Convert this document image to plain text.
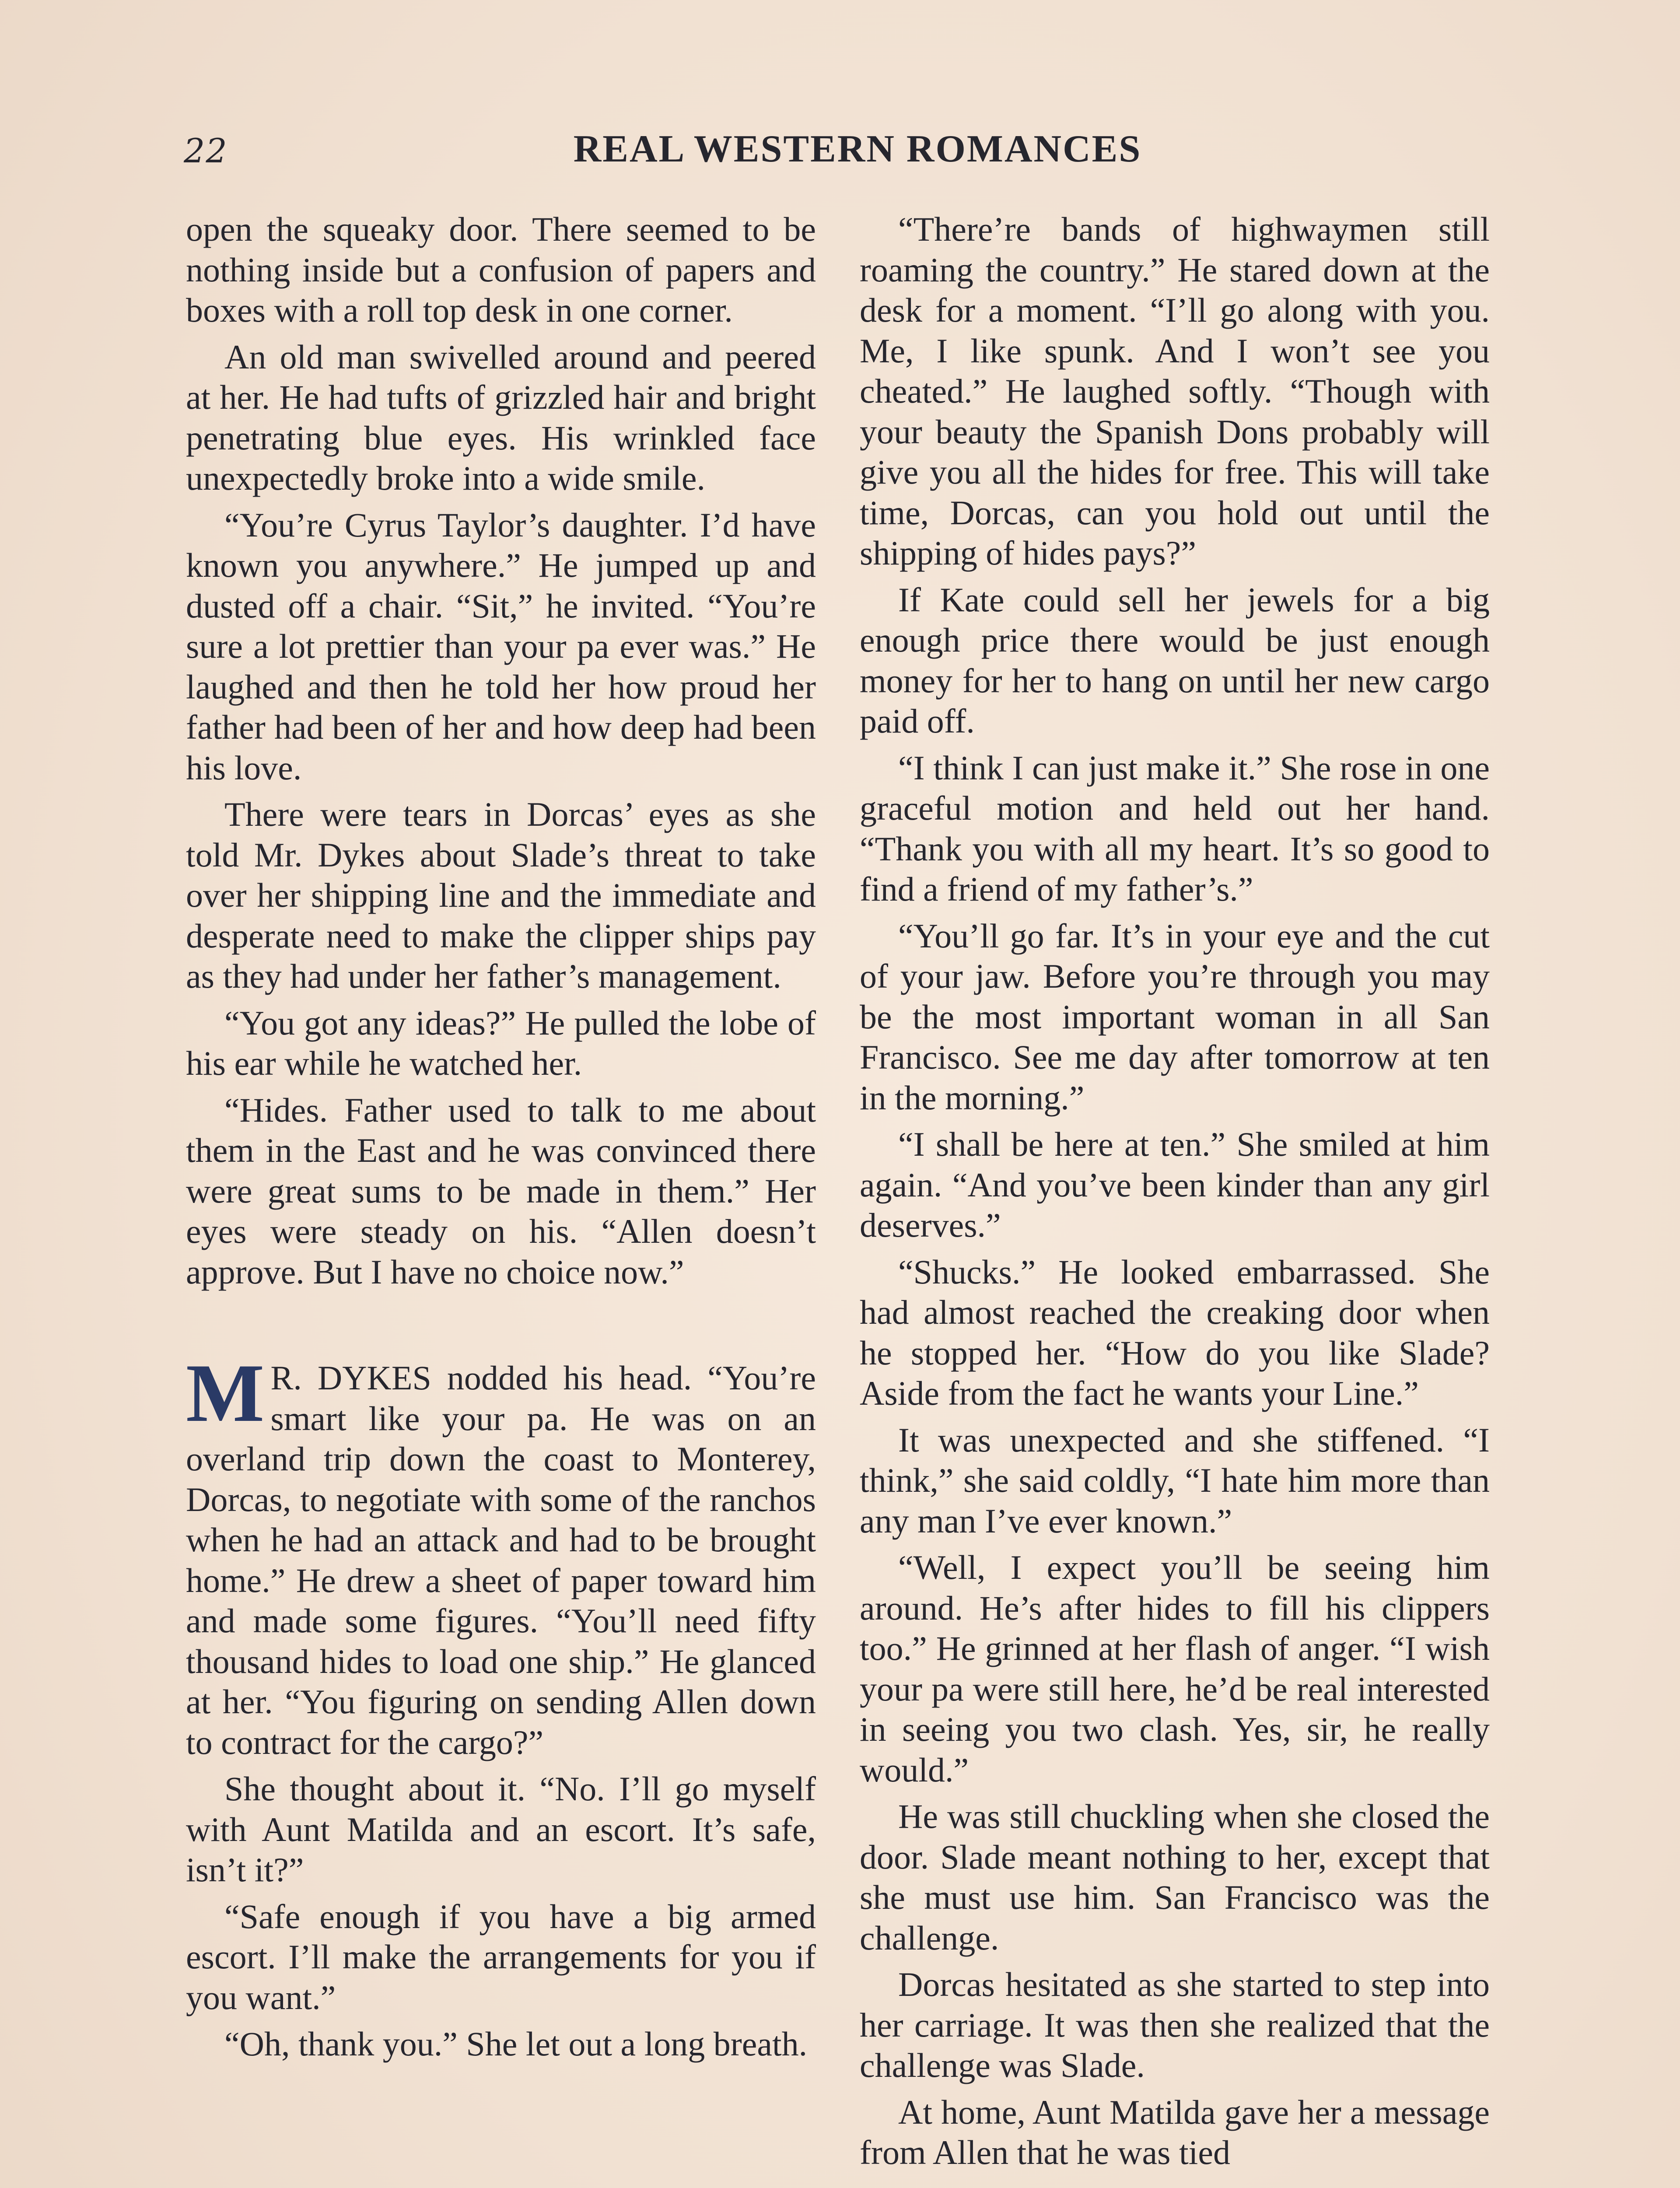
22	REAL WESTERN ROMANCES

open the squeaky door. There seemed to be nothing inside but a confusion of papers and boxes with a roll top desk in one corner.

An old man swivelled around and peered at her. He had tufts of grizzled hair and bright penetrating blue eyes. His wrinkled face unexpectedly broke into a wide smile.

“You’re Cyrus Taylor’s daughter. I’d have known you anywhere.” He jumped up and dusted off a chair. “Sit,” he invited. “You’re sure a lot prettier than your pa ever was.” He laughed and then he told her how proud her father had been of her and how deep had been his love.

There were tears in Dorcas’ eyes as she told Mr. Dykes about Slade’s threat to take over her shipping line and the immediate and desperate need to make the clipper ships pay as they had under her father’s management.

“You got any ideas?” He pulled the lobe of his ear while he watched her.

“Hides. Father used to talk to me about them in the East and he was convinced there were great sums to be made in them.” Her eyes were steady on his. “Allen doesn’t approve. But I have no choice now.”

M R. DYKES nodded his head. “You’re smart like your pa. He was on an overland trip down the coast to Monterey, Dorcas, to negotiate with some of the ranchos when he had an attack and had to be brought home.” He drew a sheet of paper toward him and made some figures. “You’ll need fifty thousand hides to load one ship.” He glanced at her. “You figuring on sending Allen down to contract for the cargo?”

She thought about it. “No. I’ll go myself with Aunt Matilda and an escort. It’s safe, isn’t it?”

“Safe enough if you have a big armed escort. I’ll make the arrangements for you if you want.”

“Oh, thank you.” She let out a long breath.

“There’re bands of highwaymen still roaming the country.” He stared down at the desk for a moment. “I’ll go along with you. Me, I like spunk. And I won’t see you cheated.” He laughed softly. “Though with your beauty the Spanish Dons probably will give you all the hides for free. This will take time, Dorcas, can you hold out until the shipping of hides pays?”

If Kate could sell her jewels for a big enough price there would be just enough money for her to hang on until her new cargo paid off.

“I think I can just make it.” She rose in one graceful motion and held out her hand. “Thank you with all my heart. It’s so good to find a friend of my father’s.”

“You’ll go far. It’s in your eye and the cut of your jaw. Before you’re through you may be the most important woman in all San Francisco. See me day after tomorrow at ten in the morning.”

“I shall be here at ten.” She smiled at him again. “And you’ve been kinder than any girl deserves.”

“Shucks.” He looked embarrassed. She had almost reached the creaking door when he stopped her. “How do you like Slade? Aside from the fact he wants your Line.”

It was unexpected and she stiffened. “I think,” she said coldly, “I hate him more than any man I’ve ever known.”

“Well, I expect you’ll be seeing him around. He’s after hides to fill his clippers too.” He grinned at her flash of anger. “I wish your pa were still here, he’d be real interested in seeing you two clash. Yes, sir, he really would.”

He was still chuckling when she closed the door. Slade meant nothing to her, except that she must use him. San Francisco was the challenge.

Dorcas hesitated as she started to step into her carriage. It was then she realized that the challenge was Slade.

At home, Aunt Matilda gave her a message from Allen that he was tied
